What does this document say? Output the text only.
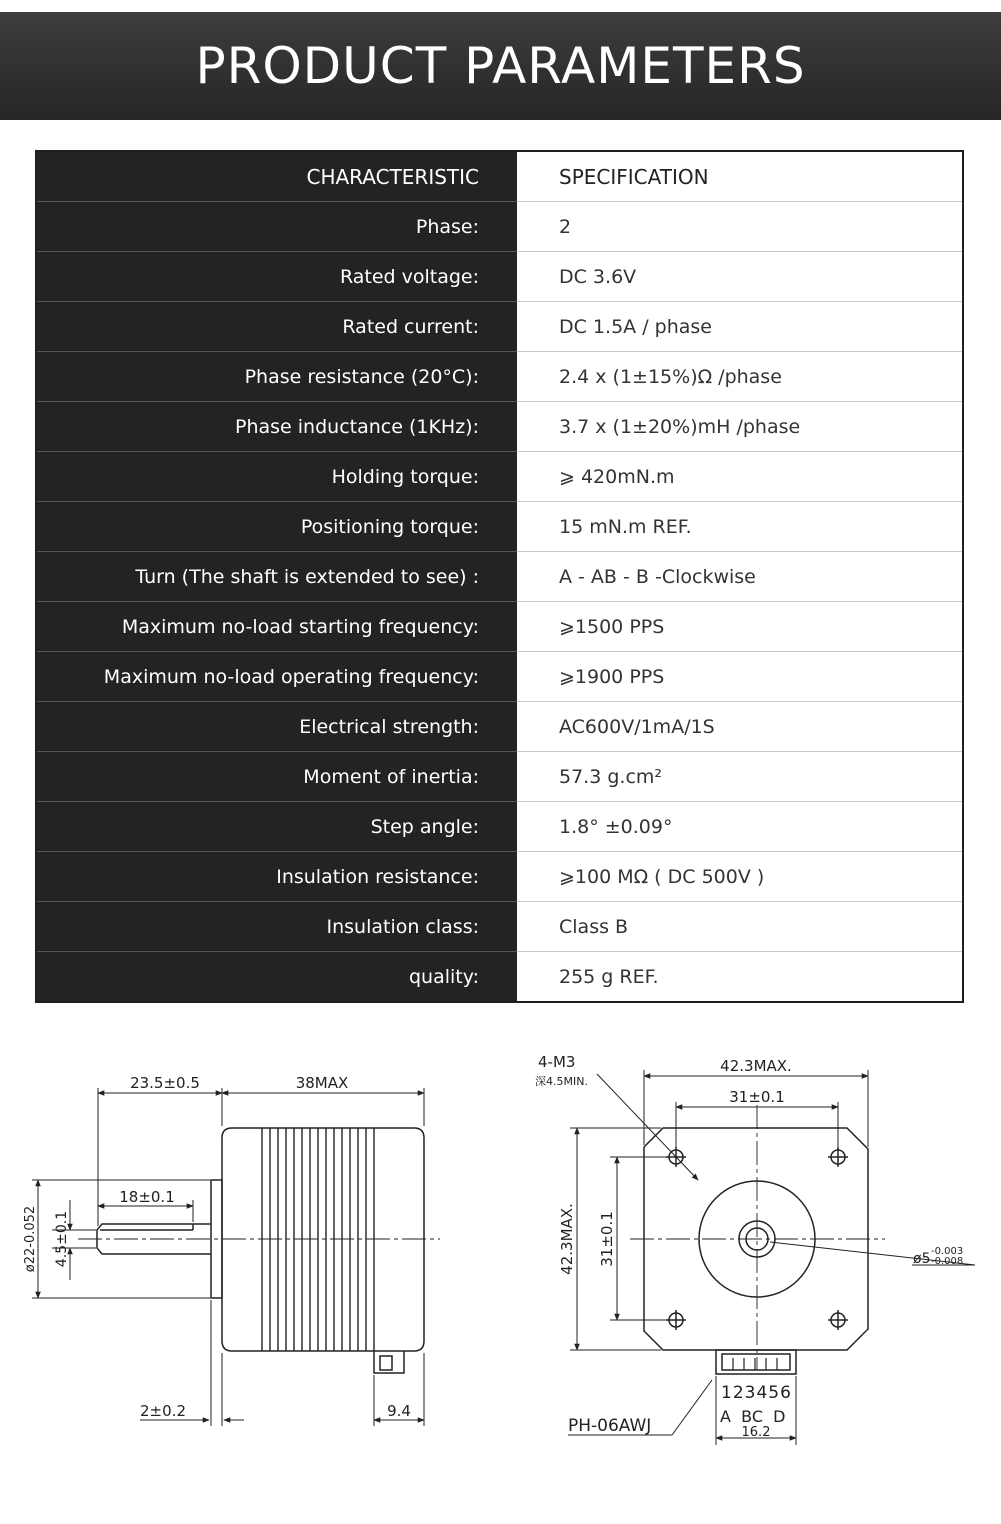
PRODUCT PARAMETERS
CHARACTERISTIC	SPECIFICATION
Phase:	2
Rated voltage:	DC 3.6V
Rated current:	DC 1.5A / phase
Phase resistance (20°C):	2.4 x (1±15%)Ω /phase
Phase inductance (1KHz):	3.7 x (1±20%)mH /phase
Holding torque:	⩾ 420mN.m
Positioning torque:	15 mN.m REF.
Turn (The shaft is extended to see) :	A - AB - B -Clockwise
Maximum no-load starting frequency:	⩾1500 PPS
Maximum no-load operating frequency:	⩾1900 PPS
Electrical strength:	AC600V/1mA/1S
Moment of inertia:	57.3 g.cm²
Step angle:	1.8° ±0.09°
Insulation resistance:	⩾100 MΩ ( DC 500V )
Insulation class:	Class B
quality:	255 g REF.
23.5±0.5	38MAX
18±0.1
ø22-0.052 4.5±0.1
2±0.2	9.4
4-M3
深4.5MIN.
42.3MAX.
31±0.1
42.3MAX. 31±0.1	ø5 -0.003
-0.008
123456
A  BC  D
16.2
PH-06AWJ
